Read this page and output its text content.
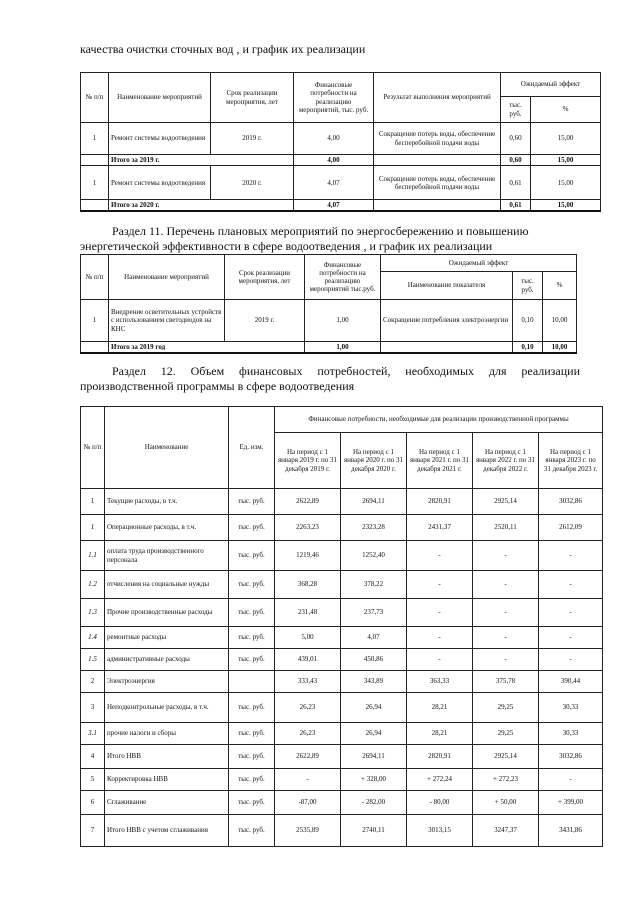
качества очистки сточных вод , и график их реализации

№ п/п	Наименование мероприятий	Срок реализации мероприятия, лет	Финансовые потребности на реализацию мероприятий, тыс. руб.	Результат выполнения мероприятий	Ожидаемый эффект	
					тыс. руб.	%
1	Ремонт системы водоотведения	2019 г.	4,00	Сокращение потерь воды, обеспечение бесперебойной подачи воды	0,60	15,00
	Итого за 2019 г.		4,00		0,60	15,00
1	Ремонт системы водоотведения	2020 г.	4,07	Сокращение потерь воды, обеспечение бесперебойной подачи воды	0,61	15,00
	Итого за 2020 г.		4,07		0,61	15,00

Раздел 11. Перечень плановых мероприятий по энергосбережению и повышению энергетической эффективности в сфере водоотведения , и график их реализации

№ п/п	Наименование мероприятий	Срок реализации мероприятия, лет	Финансовые потребности на реализацию мероприятий тыс.руб.	Ожидаемый эффект		
				Наименование показателя	тыс. руб.	%
1	Внедрение осветительных устройств с использованием светодиодов на КНС	2019 г.	1,00	Сокращение потребления электроэнергии	0,10	10,00
	Итого за 2019 год		1,00		0,10	10,00

Раздел 12. Объем финансовых потребностей, необходимых для реализации производственной программы в сфере водоотведения

№ п/п	Наименование	Ед. изм.	Финансовые потребности, необходимые для реализации производственной программы				
			На период с 1 января 2019 г. по 31 декабря 2019 г.	На период с 1 января 2020 г. по 31 декабря 2020 г.	На период с 1 января 2021 г. по 31 декабря 2021 г.	На период с 1 января 2022 г. по 31 декабря 2022 г.	На период с 1 января 2023 г. по 31 декабря 2023 г.
1	Текущие расходы, в т.ч.	тыс. руб.	2622,89	2694,11	2820,91	2925,14	3032,86
1	Операционные расходы, в т.ч.	тыс. руб.	2263,23	2323,28	2431,37	2520,11	2612,09
1.1	оплата труда производственного персонала	тыс. руб.	1219,46	1252,40	-	-	-
1.2	отчисления на социальные нужды	тыс. руб.	368,28	378,22	-	-	-
1.3	Прочие производственные расходы	тыс. руб.	231,48	237,73	-	-	-
1.4	ремонтные расходы	тыс. руб.	5,00	4,07	-	-	-
1.5	административные расходы	тыс. руб.	439,01	450,86	-	-	-
2	Электроэнергия		333,43	343,89	363,33	375,78	390,44
3	Неподконтрольные расходы, в т.ч.	тыс. руб.	26,23	26,94	28,21	29,25	30,33
3.1	прочие налоги и сборы	тыс. руб.	26,23	26,94	28,21	29,25	30,33
4	Итого НВВ	тыс. руб.	2622,89	2694,11	2820,91	2925,14	3032,86
5	Корректировка НВВ	тыс. руб.	-	+ 328,00	+ 272,24	+ 272,23	-
6	Сглаживание	тыс. руб.	-87,00	- 282,00	- 80,00	+ 50,00	+ 399,00
7	Итого НВВ с учетом сглаживания	тыс. руб.	2535,89	2740,11	3013,15	3247,37	3431,86
